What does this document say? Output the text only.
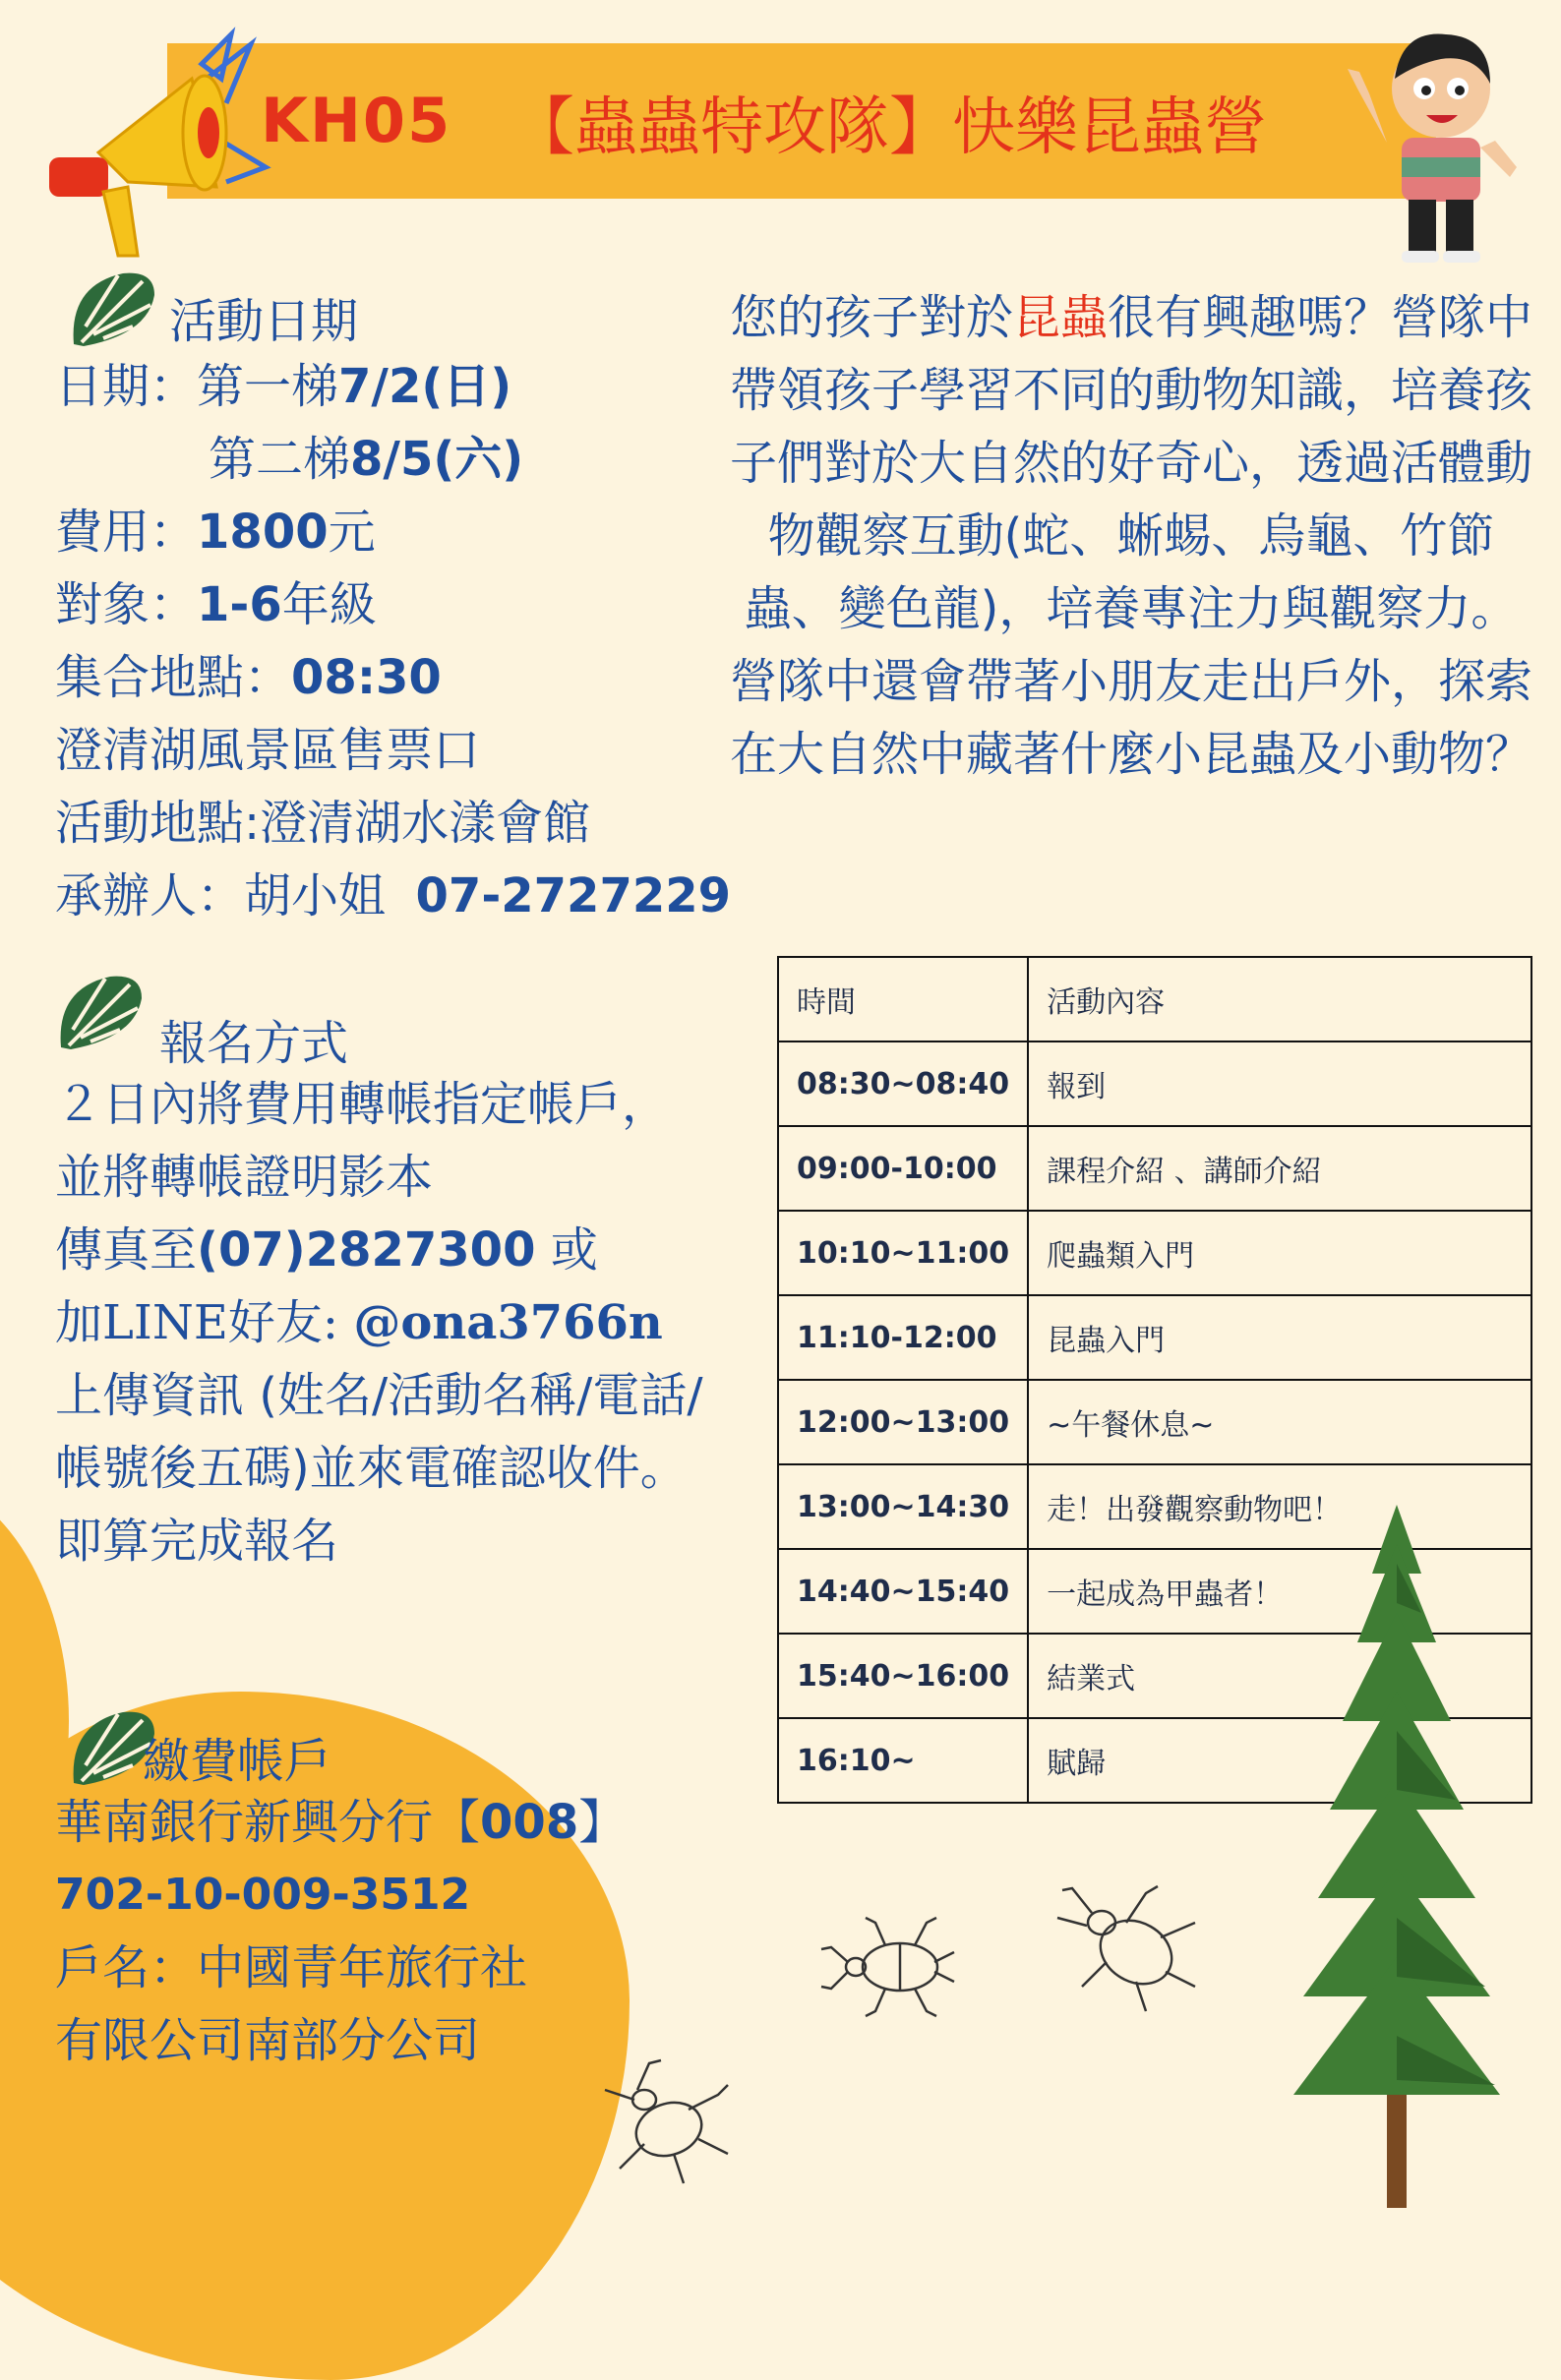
KH05 【蟲蟲特攻隊】快樂昆蟲營
活動日期
日期：第一梯7/2(日)
第二梯8/5(六)
費用：1800元
對象：1-6年級
集合地點：08:30
澄清湖風景區售票口
活動地點:澄清湖水漾會館
承辦人：胡小姐 07-2727229
您的孩子對於昆蟲很有興趣嗎？營隊中帶領孩子學習不同的動物知識，培養孩子們對於大自然的好奇心，透過活體動物觀察互動(蛇、蜥蜴、烏龜、竹節蟲、變色龍)，培養專注力與觀察力。營隊中還會帶著小朋友走出戶外，探索在大自然中藏著什麼小昆蟲及小動物？
報名方式
２日內將費用轉帳指定帳戶，
並將轉帳證明影本
傳真至(07)2827300 或
加LINE好友: @ona3766n
上傳資訊 (姓名/活動名稱/電話/
帳號後五碼)並來電確認收件。
即算完成報名
繳費帳戶
華南銀行新興分行【008】
702-10-009-3512
戶名：中國青年旅行社
有限公司南部分公司
時間	活動內容
08:30~08:40	報到
09:00-10:00	課程介紹 、講師介紹
10:10~11:00	爬蟲類入門
11:10-12:00	昆蟲入門
12:00~13:00	~午餐休息~
13:00~14:30	走！出發觀察動物吧！
14:40~15:40	一起成為甲蟲者！
15:40~16:00	結業式
16:10~	賦歸
